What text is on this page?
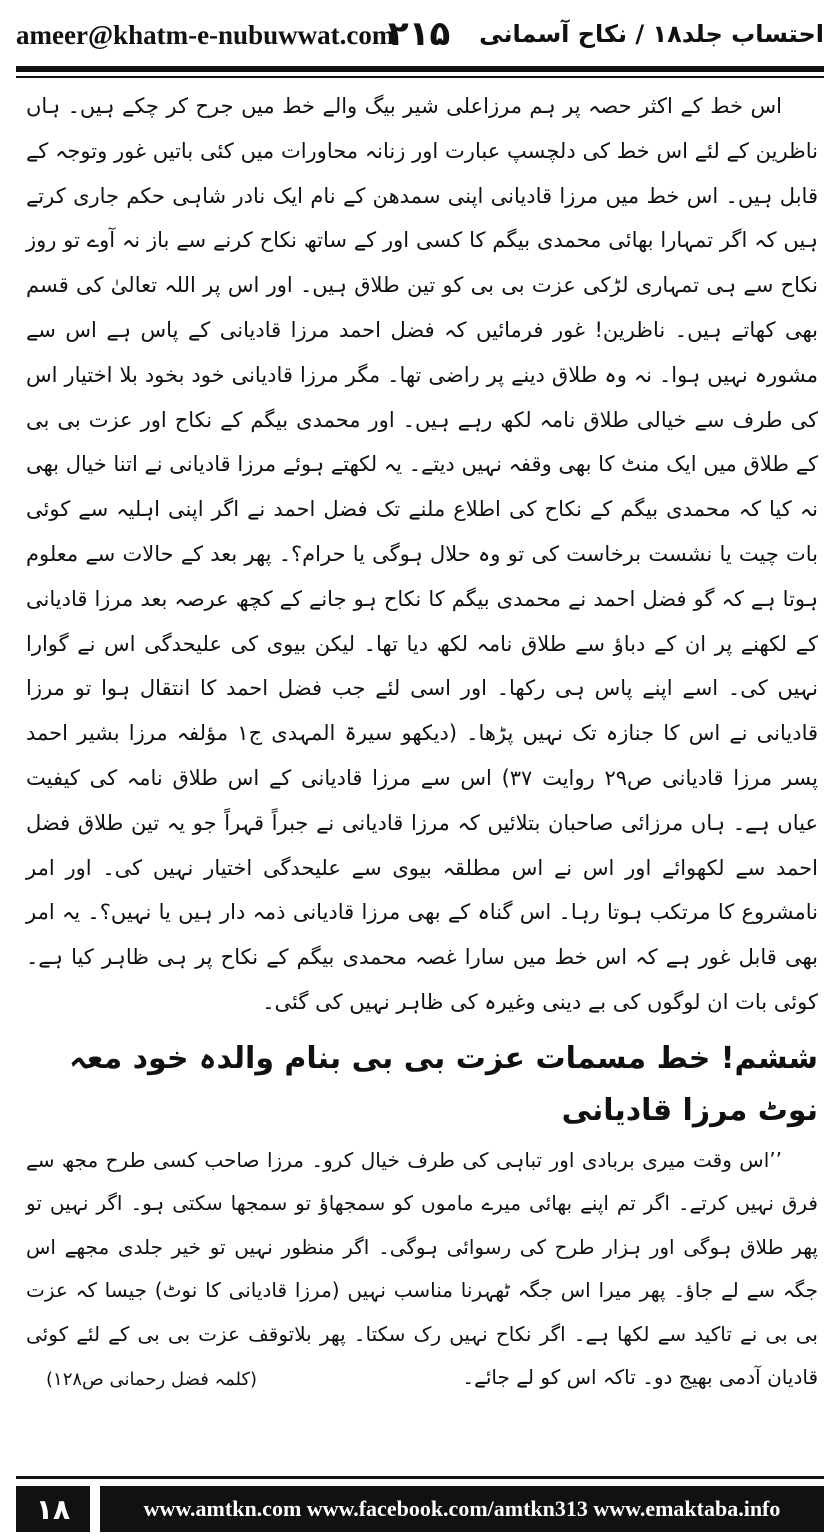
ameer@khatm-e-nubuwwat.com
۲۱۵ احتساب جلد۱۸ / نکاح آسمانی

اس خط کے اکثر حصہ پر ہم مرزاعلی شیر بیگ والے خط میں جرح کر چکے ہیں۔ ہاں ناظرین کے لئے اس خط کی دلچسپ عبارت اور زنانہ محاورات میں کئی باتیں غور وتوجہ کے قابل ہیں۔ اس خط میں مرزا قادیانی اپنی سمدھن کے نام ایک نادر شاہی حکم جاری کرتے ہیں کہ اگر تمہارا بھائی محمدی بیگم کا کسی اور کے ساتھ نکاح کرنے سے باز نہ آوے تو روز نکاح سے ہی تمہاری لڑکی عزت بی بی کو تین طلاق ہیں۔ اور اس پر اللہ تعالیٰ کی قسم بھی کھاتے ہیں۔ ناظرین! غور فرمائیں کہ فضل احمد مرزا قادیانی کے پاس ہے اس سے مشورہ نہیں ہوا۔ نہ وہ طلاق دینے پر راضی تھا۔ مگر مرزا قادیانی خود بخود بلا اختیار اس کی طرف سے خیالی طلاق نامہ لکھ رہے ہیں۔ اور محمدی بیگم کے نکاح اور عزت بی بی کے طلاق میں ایک منٹ کا بھی وقفہ نہیں دیتے۔ یہ لکھتے ہوئے مرزا قادیانی نے اتنا خیال بھی نہ کیا کہ محمدی بیگم کے نکاح کی اطلاع ملنے تک فضل احمد نے اگر اپنی اہلیہ سے کوئی بات چیت یا نشست برخاست کی تو وہ حلال ہوگی یا حرام؟۔ پھر بعد کے حالات سے معلوم ہوتا ہے کہ گو فضل احمد نے محمدی بیگم کا نکاح ہو جانے کے کچھ عرصہ بعد مرزا قادیانی کے لکھنے پر ان کے دباؤ سے طلاق نامہ لکھ دیا تھا۔ لیکن بیوی کی علیحدگی اس نے گوارا نہیں کی۔ اسے اپنے پاس ہی رکھا۔ اور اسی لئے جب فضل احمد کا انتقال ہوا تو مرزا قادیانی نے اس کا جنازہ تک نہیں پڑھا۔ (دیکھو سیرۃ المہدی ج۱ مؤلفہ مرزا بشیر احمد پسر مرزا قادیانی ص۲۹ روایت ۳۷) اس سے مرزا قادیانی کے اس طلاق نامہ کی کیفیت عیاں ہے۔ ہاں مرزائی صاحبان بتلائیں کہ مرزا قادیانی نے جبراً قہراً جو یہ تین طلاق فضل احمد سے لکھوائے اور اس نے اس مطلقہ بیوی سے علیحدگی اختیار نہیں کی۔ اور امر نامشروع کا مرتکب ہوتا رہا۔ اس گناہ کے بھی مرزا قادیانی ذمہ دار ہیں یا نہیں؟۔ یہ امر بھی قابل غور ہے کہ اس خط میں سارا غصہ محمدی بیگم کے نکاح پر ہی ظاہر کیا ہے۔ کوئی بات ان لوگوں کی بے دینی وغیرہ کی ظاہر نہیں کی گئی۔

ششم! خط مسمات عزت بی بی بنام والدہ خود معہ نوٹ مرزا قادیانی

’’اس وقت میری بربادی اور تباہی کی طرف خیال کرو۔ مرزا صاحب کسی طرح مجھ سے فرق نہیں کرتے۔ اگر تم اپنے بھائی میرے ماموں کو سمجھاؤ تو سمجھا سکتی ہو۔ اگر نہیں تو پھر طلاق ہوگی اور ہزار طرح کی رسوائی ہوگی۔ اگر منظور نہیں تو خیر جلدی مجھے اس جگہ سے لے جاؤ۔ پھر میرا اس جگہ ٹھہرنا مناسب نہیں (مرزا قادیانی کا نوٹ) جیسا کہ عزت بی بی نے تاکید سے لکھا ہے۔ اگر نکاح نہیں رک سکتا۔ پھر بلاتوقف عزت بی بی کے لئے کوئی قادیان آدمی بھیج دو۔ تاکہ اس کو لے جائے۔

(کلمہ فضل رحمانی ص۱۲۸)
۱۸	www.amtkn.com www.facebook.com/amtkn313 www.emaktaba.info
